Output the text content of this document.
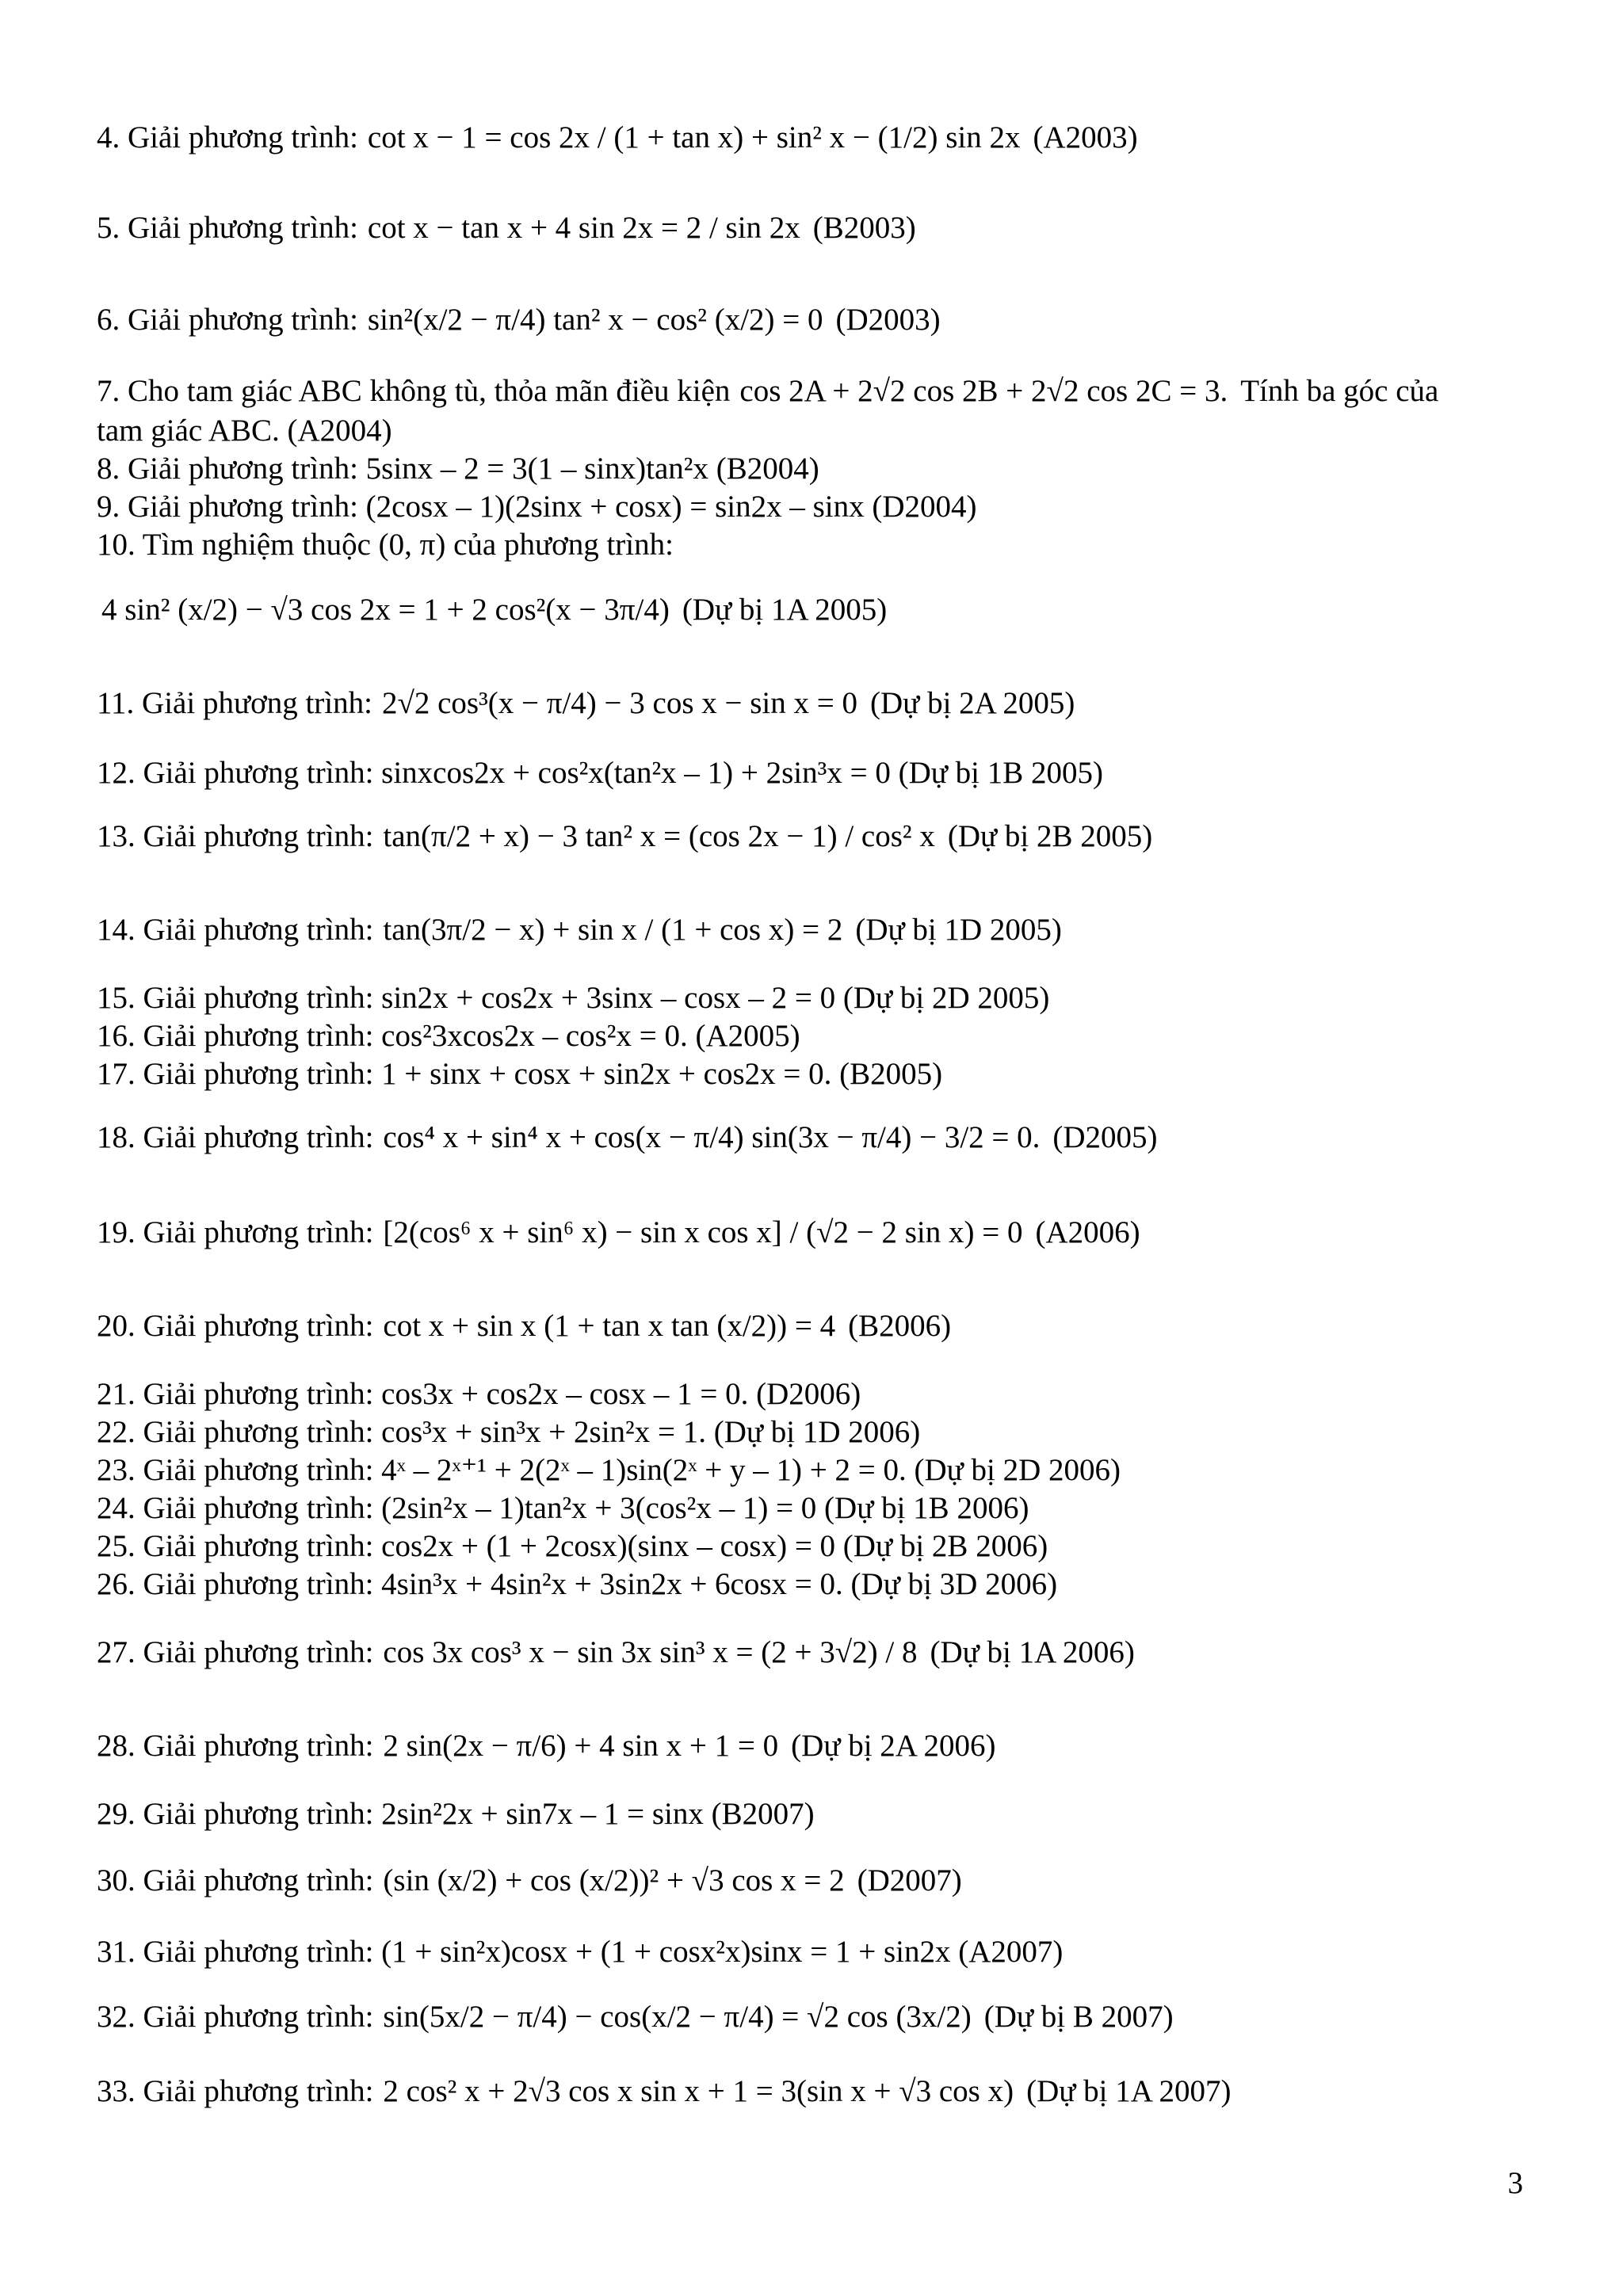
4. Giải phương trình: cot x − 1 = cos 2x / (1 + tan x) + sin² x − (1/2) sin 2x (A2003)
5. Giải phương trình: cot x − tan x + 4 sin 2x = 2 / sin 2x (B2003)
6. Giải phương trình: sin²(x/2 − π/4) tan² x − cos² (x/2) = 0 (D2003)
7. Cho tam giác ABC không tù, thỏa mãn điều kiện cos 2A + 2√2 cos 2B + 2√2 cos 2C = 3. Tính ba góc của
tam giác ABC. (A2004)
8. Giải phương trình: 5sinx – 2 = 3(1 – sinx)tan²x (B2004)
9. Giải phương trình: (2cosx – 1)(2sinx + cosx) = sin2x – sinx (D2004)
10. Tìm nghiệm thuộc (0, π) của phương trình:
4 sin² (x/2) − √3 cos 2x = 1 + 2 cos²(x − 3π/4) (Dự bị 1A 2005)
11. Giải phương trình: 2√2 cos³(x − π/4) − 3 cos x − sin x = 0 (Dự bị 2A 2005)
12. Giải phương trình: sinxcos2x + cos²x(tan²x – 1) + 2sin³x = 0 (Dự bị 1B 2005)
13. Giải phương trình: tan(π/2 + x) − 3 tan² x = (cos 2x − 1) / cos² x (Dự bị 2B 2005)
14. Giải phương trình: tan(3π/2 − x) + sin x / (1 + cos x) = 2 (Dự bị 1D 2005)
15. Giải phương trình: sin2x + cos2x + 3sinx – cosx – 2 = 0 (Dự bị 2D 2005)
16. Giải phương trình: cos²3xcos2x – cos²x = 0. (A2005)
17. Giải phương trình: 1 + sinx + cosx + sin2x + cos2x = 0. (B2005)
18. Giải phương trình: cos⁴ x + sin⁴ x + cos(x − π/4) sin(3x − π/4) − 3/2 = 0. (D2005)
19. Giải phương trình: [2(cos⁶ x + sin⁶ x) − sin x cos x] / (√2 − 2 sin x) = 0 (A2006)
20. Giải phương trình: cot x + sin x (1 + tan x tan (x/2)) = 4 (B2006)
21. Giải phương trình: cos3x + cos2x – cosx – 1 = 0. (D2006)
22. Giải phương trình: cos³x + sin³x + 2sin²x = 1. (Dự bị 1D 2006)
23. Giải phương trình: 4ˣ – 2ˣ⁺¹ + 2(2ˣ – 1)sin(2ˣ + y – 1) + 2 = 0. (Dự bị 2D 2006)
24. Giải phương trình: (2sin²x – 1)tan²x + 3(cos²x – 1) = 0 (Dự bị 1B 2006)
25. Giải phương trình: cos2x + (1 + 2cosx)(sinx – cosx) = 0 (Dự bị 2B 2006)
26. Giải phương trình: 4sin³x + 4sin²x + 3sin2x + 6cosx = 0. (Dự bị 3D 2006)
27. Giải phương trình: cos 3x cos³ x − sin 3x sin³ x = (2 + 3√2) / 8 (Dự bị 1A 2006)
28. Giải phương trình: 2 sin(2x − π/6) + 4 sin x + 1 = 0 (Dự bị 2A 2006)
29. Giải phương trình: 2sin²2x + sin7x – 1 = sinx (B2007)
30. Giải phương trình: (sin (x/2) + cos (x/2))² + √3 cos x = 2 (D2007)
31. Giải phương trình: (1 + sin²x)cosx + (1 + cosx²x)sinx = 1 + sin2x (A2007)
32. Giải phương trình: sin(5x/2 − π/4) − cos(x/2 − π/4) = √2 cos (3x/2) (Dự bị B 2007)
33. Giải phương trình: 2 cos² x + 2√3 cos x sin x + 1 = 3(sin x + √3 cos x) (Dự bị 1A 2007)
3
